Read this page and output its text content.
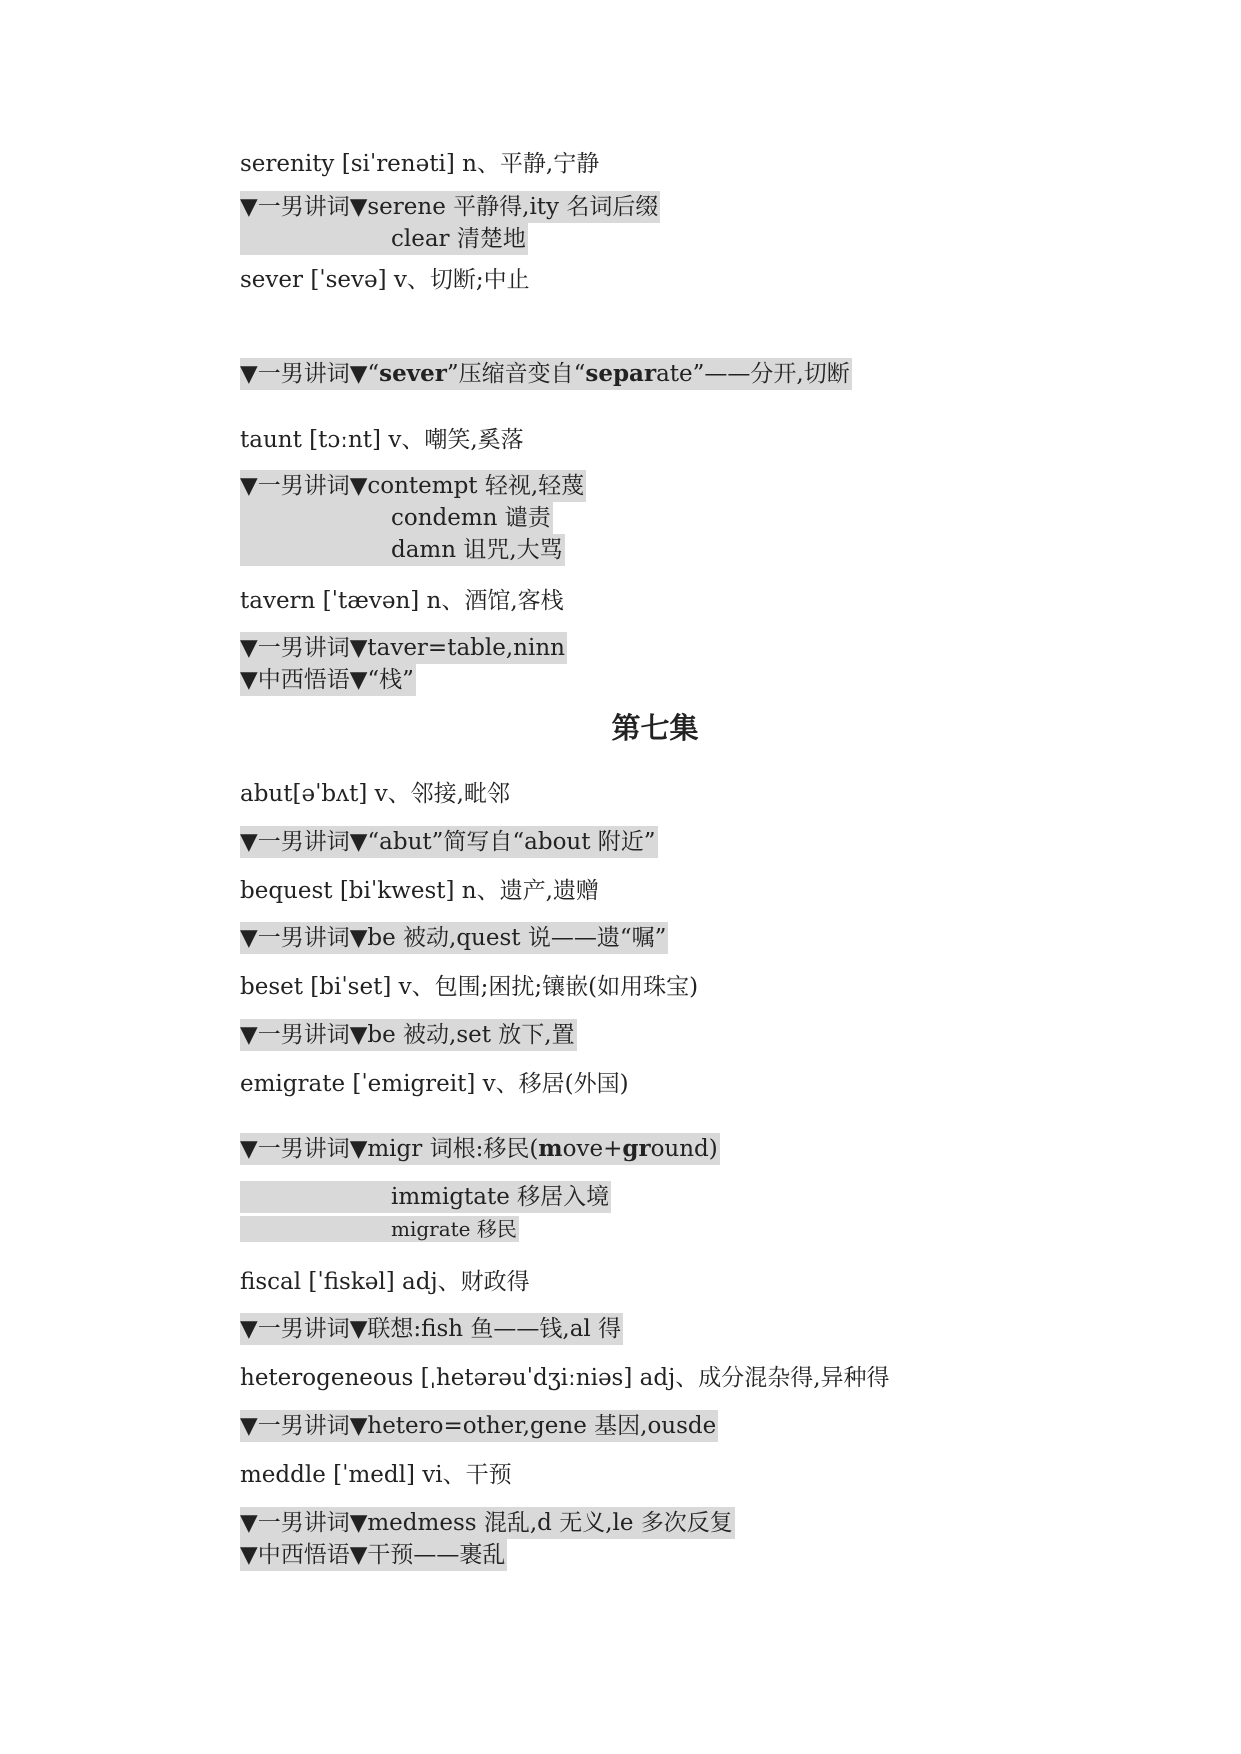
serenity [siˈrenəti] n、平静,宁静
▼一男讲词▼serene 平静得,ity 名词后缀
clear 清楚地
sever [ˈsevə] v、切断;中止
▼一男讲词▼“sever”压缩音变自“separate”——分开,切断
taunt [tɔːnt] v、嘲笑,奚落
▼一男讲词▼contempt 轻视,轻蔑
condemn 谴责
damn 诅咒,大骂
tavern [ˈtævən] n、酒馆,客栈
▼一男讲词▼taver=table,ninn
▼中西悟语▼“栈”
第七集
abut[əˈbʌt] v、邻接,毗邻
▼一男讲词▼“abut”简写自“about 附近”
bequest [biˈkwest] n、遗产,遗赠
▼一男讲词▼be 被动,quest 说——遗“嘱”
beset [biˈset] v、包围;困扰;镶嵌(如用珠宝)
▼一男讲词▼be 被动,set 放下,置
emigrate [ˈemigreit] v、移居(外国)
▼一男讲词▼migr 词根:移民(move+ground)
immigtate 移居入境
migrate 移民
fiscal [ˈfiskəl] adj、财政得
▼一男讲词▼联想:fish 鱼——钱,al 得
heterogeneous [ˌhetərəuˈdʒiːniəs] adj、成分混杂得,异种得
▼一男讲词▼hetero=other,gene 基因,ousde
meddle [ˈmedl] vi、干预
▼一男讲词▼medmess 混乱,d 无义,le 多次反复
▼中西悟语▼干预——裹乱
